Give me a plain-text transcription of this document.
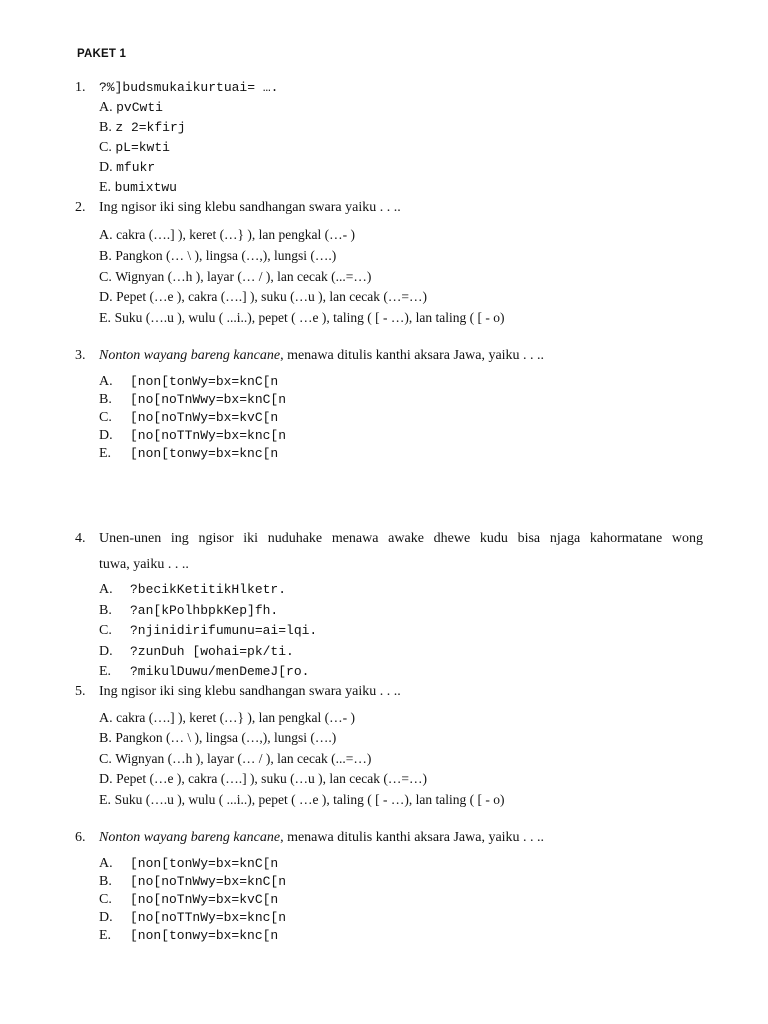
PAKET 1
1. ?%]budsmukaikurtuai= ….
A. pvCwti
B. z 2=kfirj
C. pL=kwti
D. mfukr
E. bumixtwu
2. Ing ngisor iki sing klebu sandhangan swara yaiku . . ..
A. cakra (….] ), keret (…} ), lan pengkal (…- )
B. Pangkon (… \ ), lingsa (…,), lungsi (….)
C. Wignyan (…h ), layar (… / ), lan cecak (...=…)
D. Pepet (…e ), cakra (….] ), suku (…u ), lan cecak (…=…)
E. Suku (….u ), wulu ( ...i..), pepet ( …e ), taling ( [ - …), lan taling ( [ - o)
3. Nonton wayang bareng kancane, menawa ditulis kanthi aksara Jawa, yaiku . . ..
A. [non[tonWy=bx=knC[n
B. [no[noTnWwy=bx=knC[n
C. [no[noTnWy=bx=kvC[n
D. [no[noTTnWy=bx=knc[n
E. [non[tonwy=bx=knc[n
4. Unen-unen ing ngisor iki nuduhake menawa awake dhewe kudu bisa njaga kahormatane wong
tuwa, yaiku . . ..
A. ?becikKetitikHlketr.
B. ?an[kPolhbpkKep]fh.
C. ?njinidirifumunu=ai=lqi.
D. ?zunDuh [wohai=pk/ti.
E. ?mikulDuwu/menDemeJ[ro.
5. Ing ngisor iki sing klebu sandhangan swara yaiku . . ..
A. cakra (….] ), keret (…} ), lan pengkal (…- )
B. Pangkon (… \ ), lingsa (…,), lungsi (….)
C. Wignyan (…h ), layar (… / ), lan cecak (...=…)
D. Pepet (…e ), cakra (….] ), suku (…u ), lan cecak (…=…)
E. Suku (….u ), wulu ( ...i..), pepet ( …e ), taling ( [ - …), lan taling ( [ - o)
6. Nonton wayang bareng kancane, menawa ditulis kanthi aksara Jawa, yaiku . . ..
A. [non[tonWy=bx=knC[n
B. [no[noTnWwy=bx=knC[n
C. [no[noTnWy=bx=kvC[n
D. [no[noTTnWy=bx=knc[n
E. [non[tonwy=bx=knc[n
